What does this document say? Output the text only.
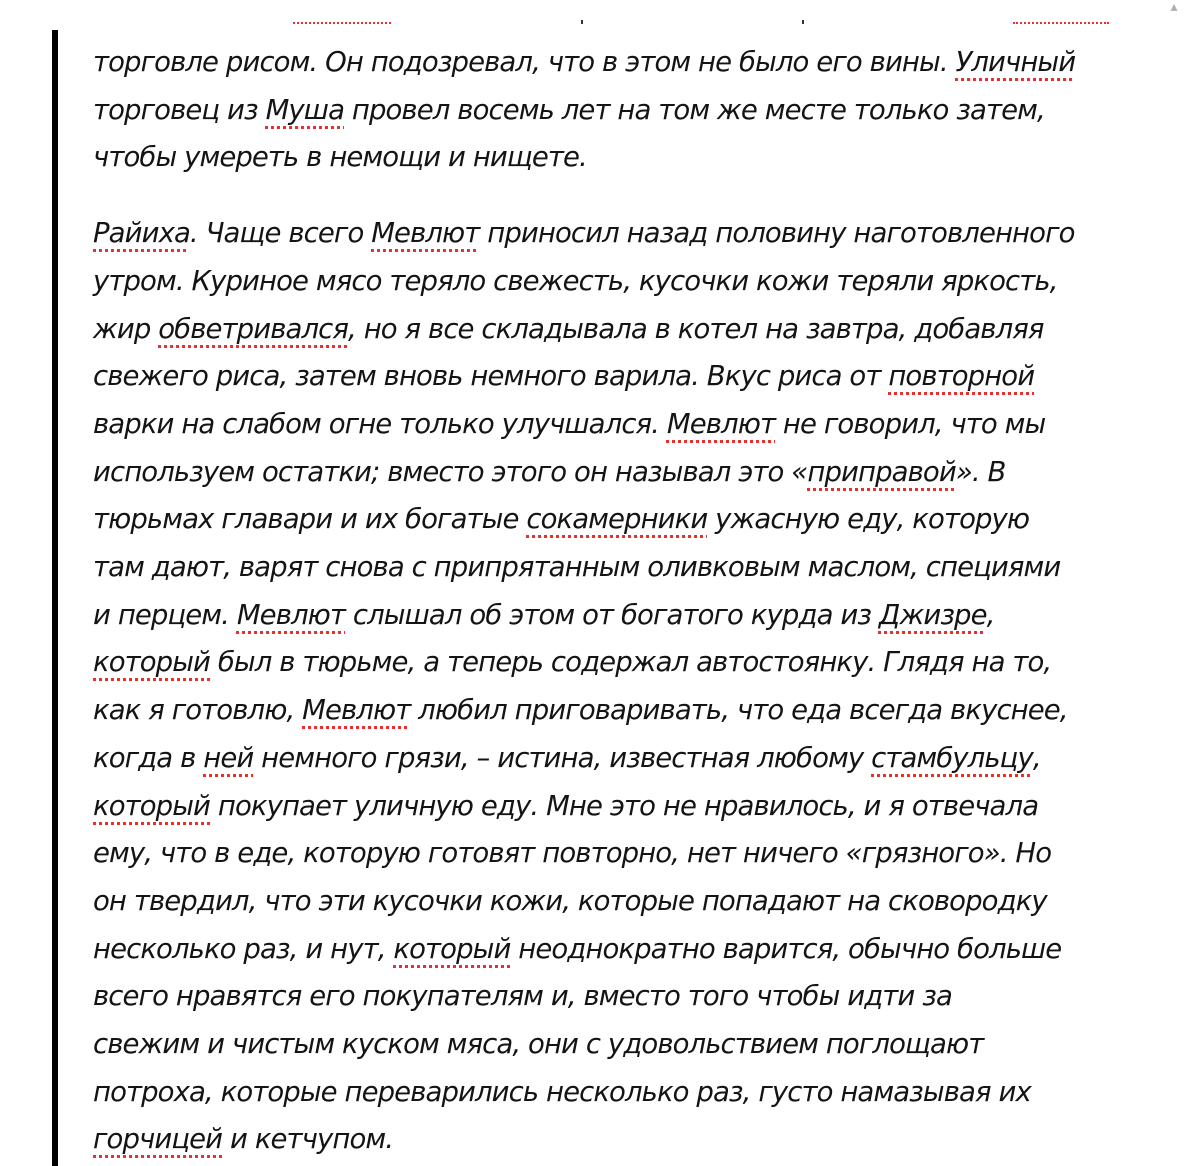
▴

торговле рисом. Он подозревал, что в этом не было его вины. Уличный
торговец из Муша провел восемь лет на том же месте только затем,
чтобы умереть в немощи и нищете.

Райиха. Чаще всего Мевлют приносил назад половину наготовленного
утром. Куриное мясо теряло свежесть, кусочки кожи теряли яркость,
жир обветривался, но я все складывала в котел на завтра, добавляя
свежего риса, затем вновь немного варила. Вкус риса от повторной
варки на слабом огне только улучшался. Мевлют не говорил, что мы
используем остатки; вместо этого он называл это «приправой». В
тюрьмах главари и их богатые сокамерники ужасную еду, которую
там дают, варят снова с припрятанным оливковым маслом, специями
и перцем. Мевлют слышал об этом от богатого курда из Джизре,
который был в тюрьме, а теперь содержал автостоянку. Глядя на то,
как я готовлю, Мевлют любил приговаривать, что еда всегда вкуснее,
когда в ней немного грязи, – истина, известная любому стамбульцу,
который покупает уличную еду. Мне это не нравилось, и я отвечала
ему, что в еде, которую готовят повторно, нет ничего «грязного». Но
он твердил, что эти кусочки кожи, которые попадают на сковородку
несколько раз, и нут, который неоднократно варится, обычно больше
всего нравятся его покупателям и, вместо того чтобы идти за
свежим и чистым куском мяса, они с удовольствием поглощают
потроха, которые переварились несколько раз, густо намазывая их
горчицей и кетчупом.
